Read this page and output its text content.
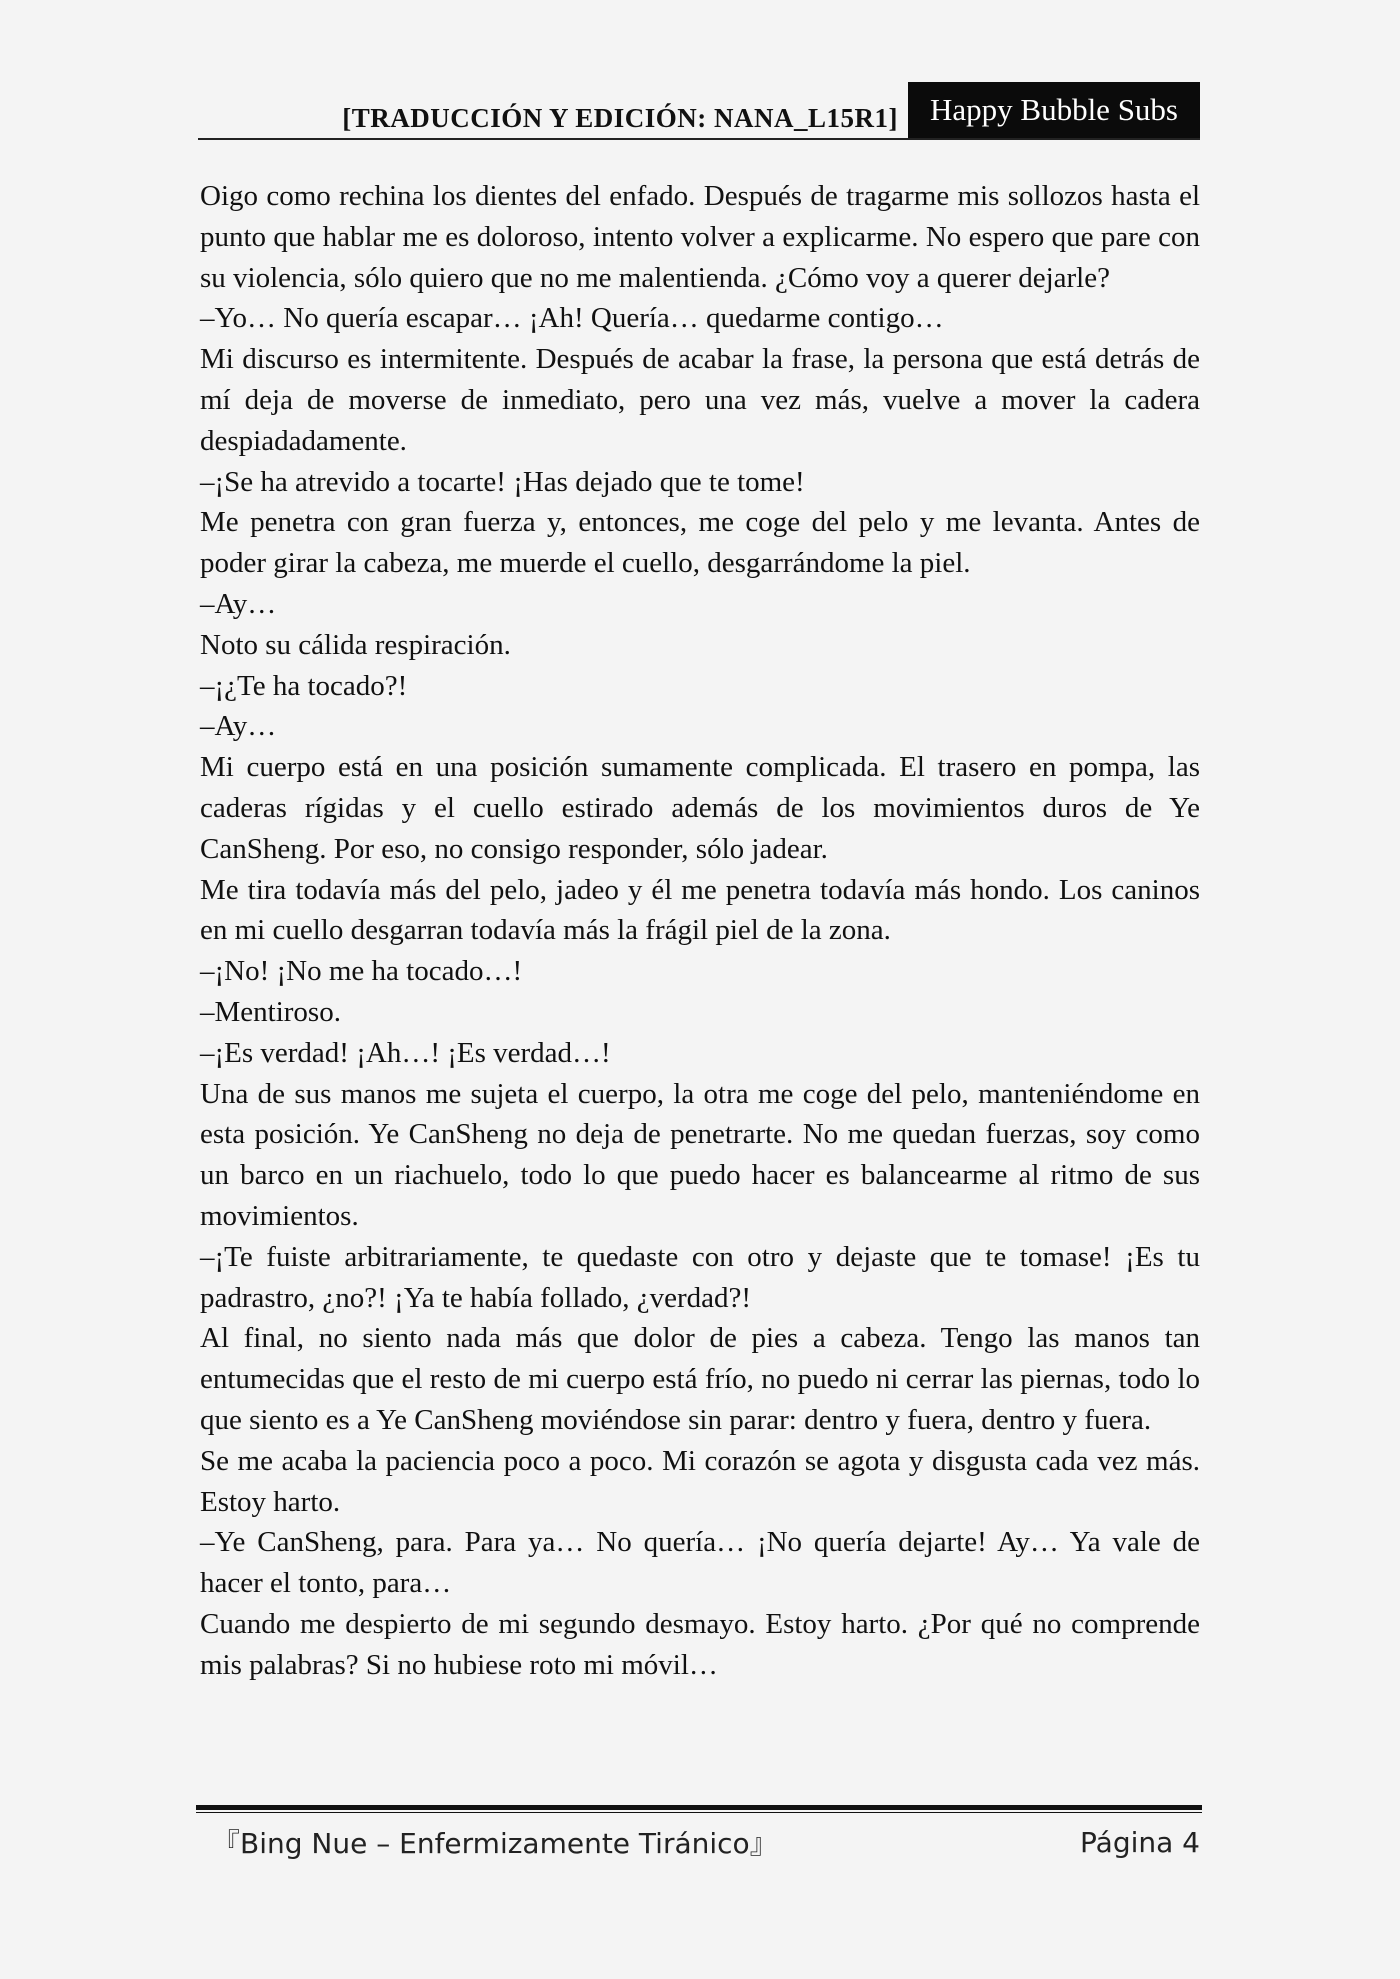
[TRADUCCIÓN Y EDICIÓN: NANA_L15R1]	Happy Bubble Subs

Oigo como rechina los dientes del enfado. Después de tragarme mis sollozos hasta el punto que hablar me es doloroso, intento volver a explicarme. No espero que pare con su violencia, sólo quiero que no me malentienda. ¿Cómo voy a querer dejarle?

–Yo… No quería escapar… ¡Ah! Quería… quedarme contigo…

Mi discurso es intermitente. Después de acabar la frase, la persona que está detrás de mí deja de moverse de inmediato, pero una vez más, vuelve a mover la cadera despiadadamente.

–¡Se ha atrevido a tocarte! ¡Has dejado que te tome!

Me penetra con gran fuerza y, entonces, me coge del pelo y me levanta. Antes de poder girar la cabeza, me muerde el cuello, desgarrándome la piel.

–Ay…

Noto su cálida respiración.

–¡¿Te ha tocado?!

–Ay…

Mi cuerpo está en una posición sumamente complicada. El trasero en pompa, las caderas rígidas y el cuello estirado además de los movimientos duros de Ye CanSheng. Por eso, no consigo responder, sólo jadear.

Me tira todavía más del pelo, jadeo y él me penetra todavía más hondo. Los caninos en mi cuello desgarran todavía más la frágil piel de la zona.

–¡No! ¡No me ha tocado…!

–Mentiroso.

–¡Es verdad! ¡Ah…! ¡Es verdad…!

Una de sus manos me sujeta el cuerpo, la otra me coge del pelo, manteniéndome en esta posición. Ye CanSheng no deja de penetrarte. No me quedan fuerzas, soy como un barco en un riachuelo, todo lo que puedo hacer es balancearme al ritmo de sus movimientos.

–¡Te fuiste arbitrariamente, te quedaste con otro y dejaste que te tomase! ¡Es tu padrastro, ¿no?! ¡Ya te había follado, ¿verdad?!

Al final, no siento nada más que dolor de pies a cabeza. Tengo las manos tan entumecidas que el resto de mi cuerpo está frío, no puedo ni cerrar las piernas, todo lo que siento es a Ye CanSheng moviéndose sin parar: dentro y fuera, dentro y fuera.

Se me acaba la paciencia poco a poco. Mi corazón se agota y disgusta cada vez más. Estoy harto.

–Ye CanSheng, para. Para ya… No quería… ¡No quería dejarte! Ay… Ya vale de hacer el tonto, para…

Cuando me despierto de mi segundo desmayo. Estoy harto. ¿Por qué no comprende mis palabras? Si no hubiese roto mi móvil…

『Bing Nue – Enfermizamente Tiránico』	Página 4
